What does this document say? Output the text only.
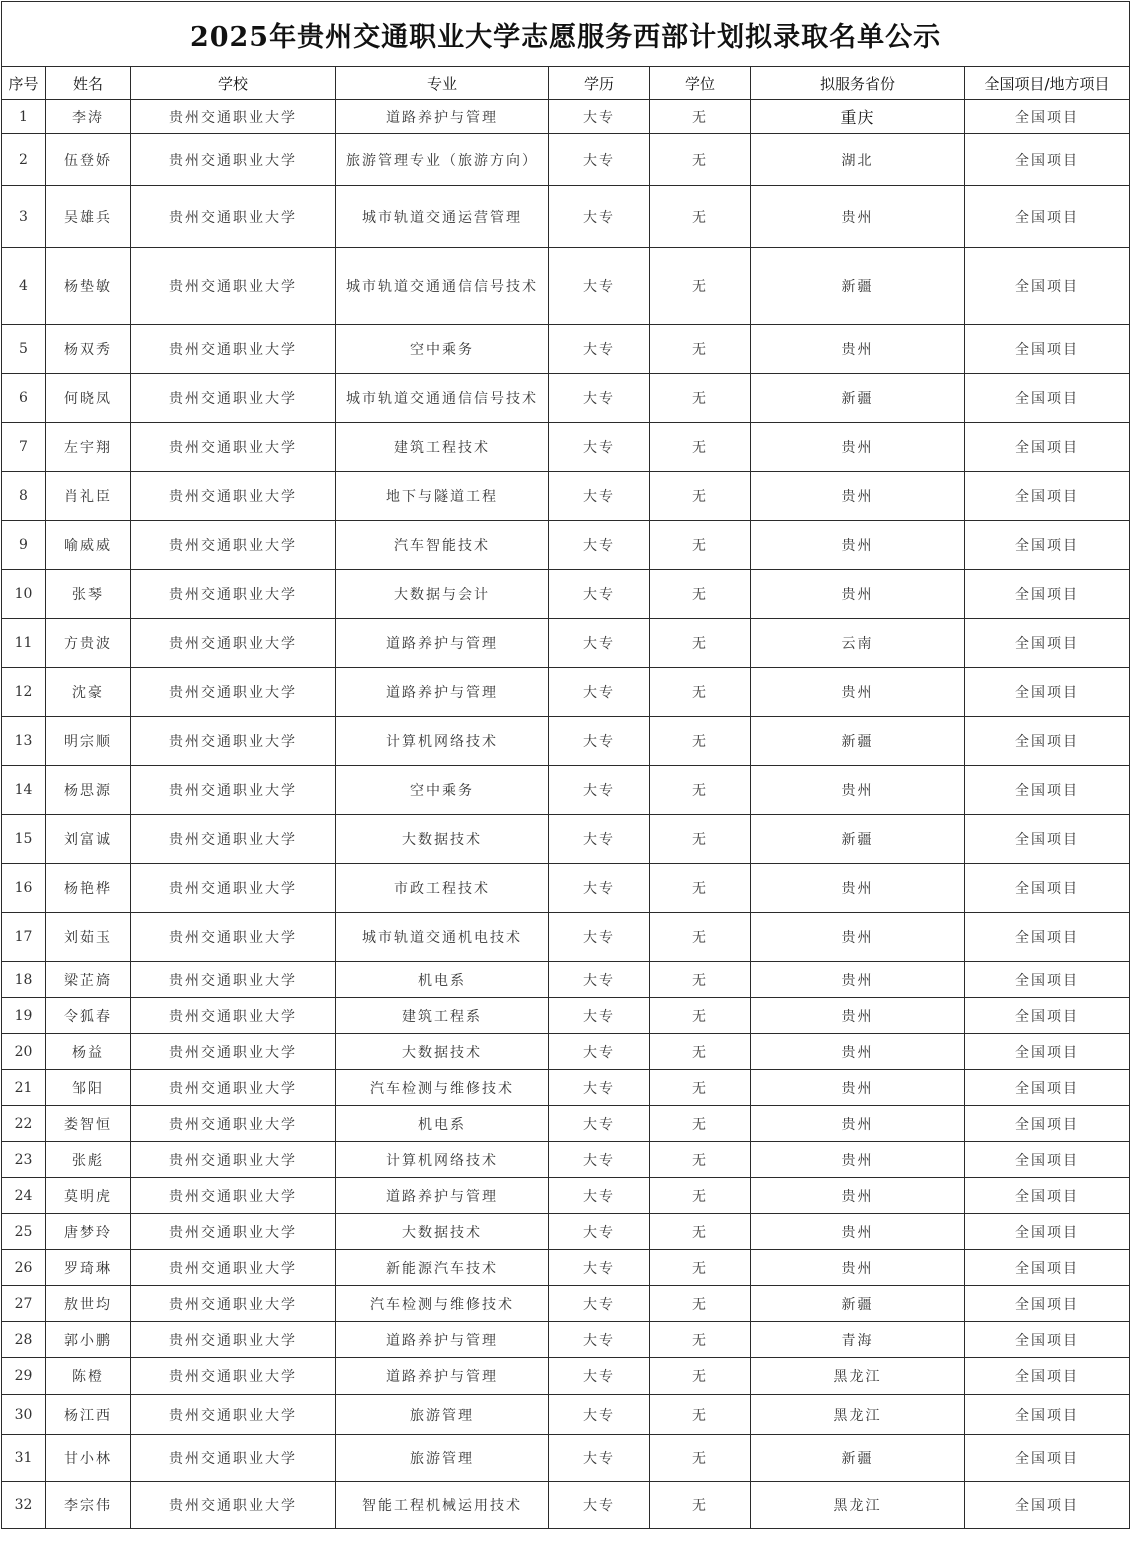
2025年贵州交通职业大学志愿服务西部计划拟录取名单公示							
序号	姓名	学校	专业	学历	学位	拟服务省份	全国项目/地方项目
1	李涛	贵州交通职业大学	道路养护与管理	大专	无	重庆	全国项目
2	伍登娇	贵州交通职业大学	旅游管理专业（旅游方向）	大专	无	湖北	全国项目
3	吴雄兵	贵州交通职业大学	城市轨道交通运营管理	大专	无	贵州	全国项目
4	杨垫敏	贵州交通职业大学	城市轨道交通通信信号技术	大专	无	新疆	全国项目
5	杨双秀	贵州交通职业大学	空中乘务	大专	无	贵州	全国项目
6	何晓凤	贵州交通职业大学	城市轨道交通通信信号技术	大专	无	新疆	全国项目
7	左宇翔	贵州交通职业大学	建筑工程技术	大专	无	贵州	全国项目
8	肖礼臣	贵州交通职业大学	地下与隧道工程	大专	无	贵州	全国项目
9	喻威威	贵州交通职业大学	汽车智能技术	大专	无	贵州	全国项目
10	张琴	贵州交通职业大学	大数据与会计	大专	无	贵州	全国项目
11	方贵波	贵州交通职业大学	道路养护与管理	大专	无	云南	全国项目
12	沈豪	贵州交通职业大学	道路养护与管理	大专	无	贵州	全国项目
13	明宗顺	贵州交通职业大学	计算机网络技术	大专	无	新疆	全国项目
14	杨思源	贵州交通职业大学	空中乘务	大专	无	贵州	全国项目
15	刘富诚	贵州交通职业大学	大数据技术	大专	无	新疆	全国项目
16	杨艳桦	贵州交通职业大学	市政工程技术	大专	无	贵州	全国项目
17	刘茹玉	贵州交通职业大学	城市轨道交通机电技术	大专	无	贵州	全国项目
18	梁芷旖	贵州交通职业大学	机电系	大专	无	贵州	全国项目
19	令狐春	贵州交通职业大学	建筑工程系	大专	无	贵州	全国项目
20	杨益	贵州交通职业大学	大数据技术	大专	无	贵州	全国项目
21	邹阳	贵州交通职业大学	汽车检测与维修技术	大专	无	贵州	全国项目
22	娄智恒	贵州交通职业大学	机电系	大专	无	贵州	全国项目
23	张彪	贵州交通职业大学	计算机网络技术	大专	无	贵州	全国项目
24	莫明虎	贵州交通职业大学	道路养护与管理	大专	无	贵州	全国项目
25	唐梦玲	贵州交通职业大学	大数据技术	大专	无	贵州	全国项目
26	罗琦琳	贵州交通职业大学	新能源汽车技术	大专	无	贵州	全国项目
27	敖世均	贵州交通职业大学	汽车检测与维修技术	大专	无	新疆	全国项目
28	郭小鹏	贵州交通职业大学	道路养护与管理	大专	无	青海	全国项目
29	陈橙	贵州交通职业大学	道路养护与管理	大专	无	黑龙江	全国项目
30	杨江西	贵州交通职业大学	旅游管理	大专	无	黑龙江	全国项目
31	甘小林	贵州交通职业大学	旅游管理	大专	无	新疆	全国项目
32	李宗伟	贵州交通职业大学	智能工程机械运用技术	大专	无	黑龙江	全国项目
